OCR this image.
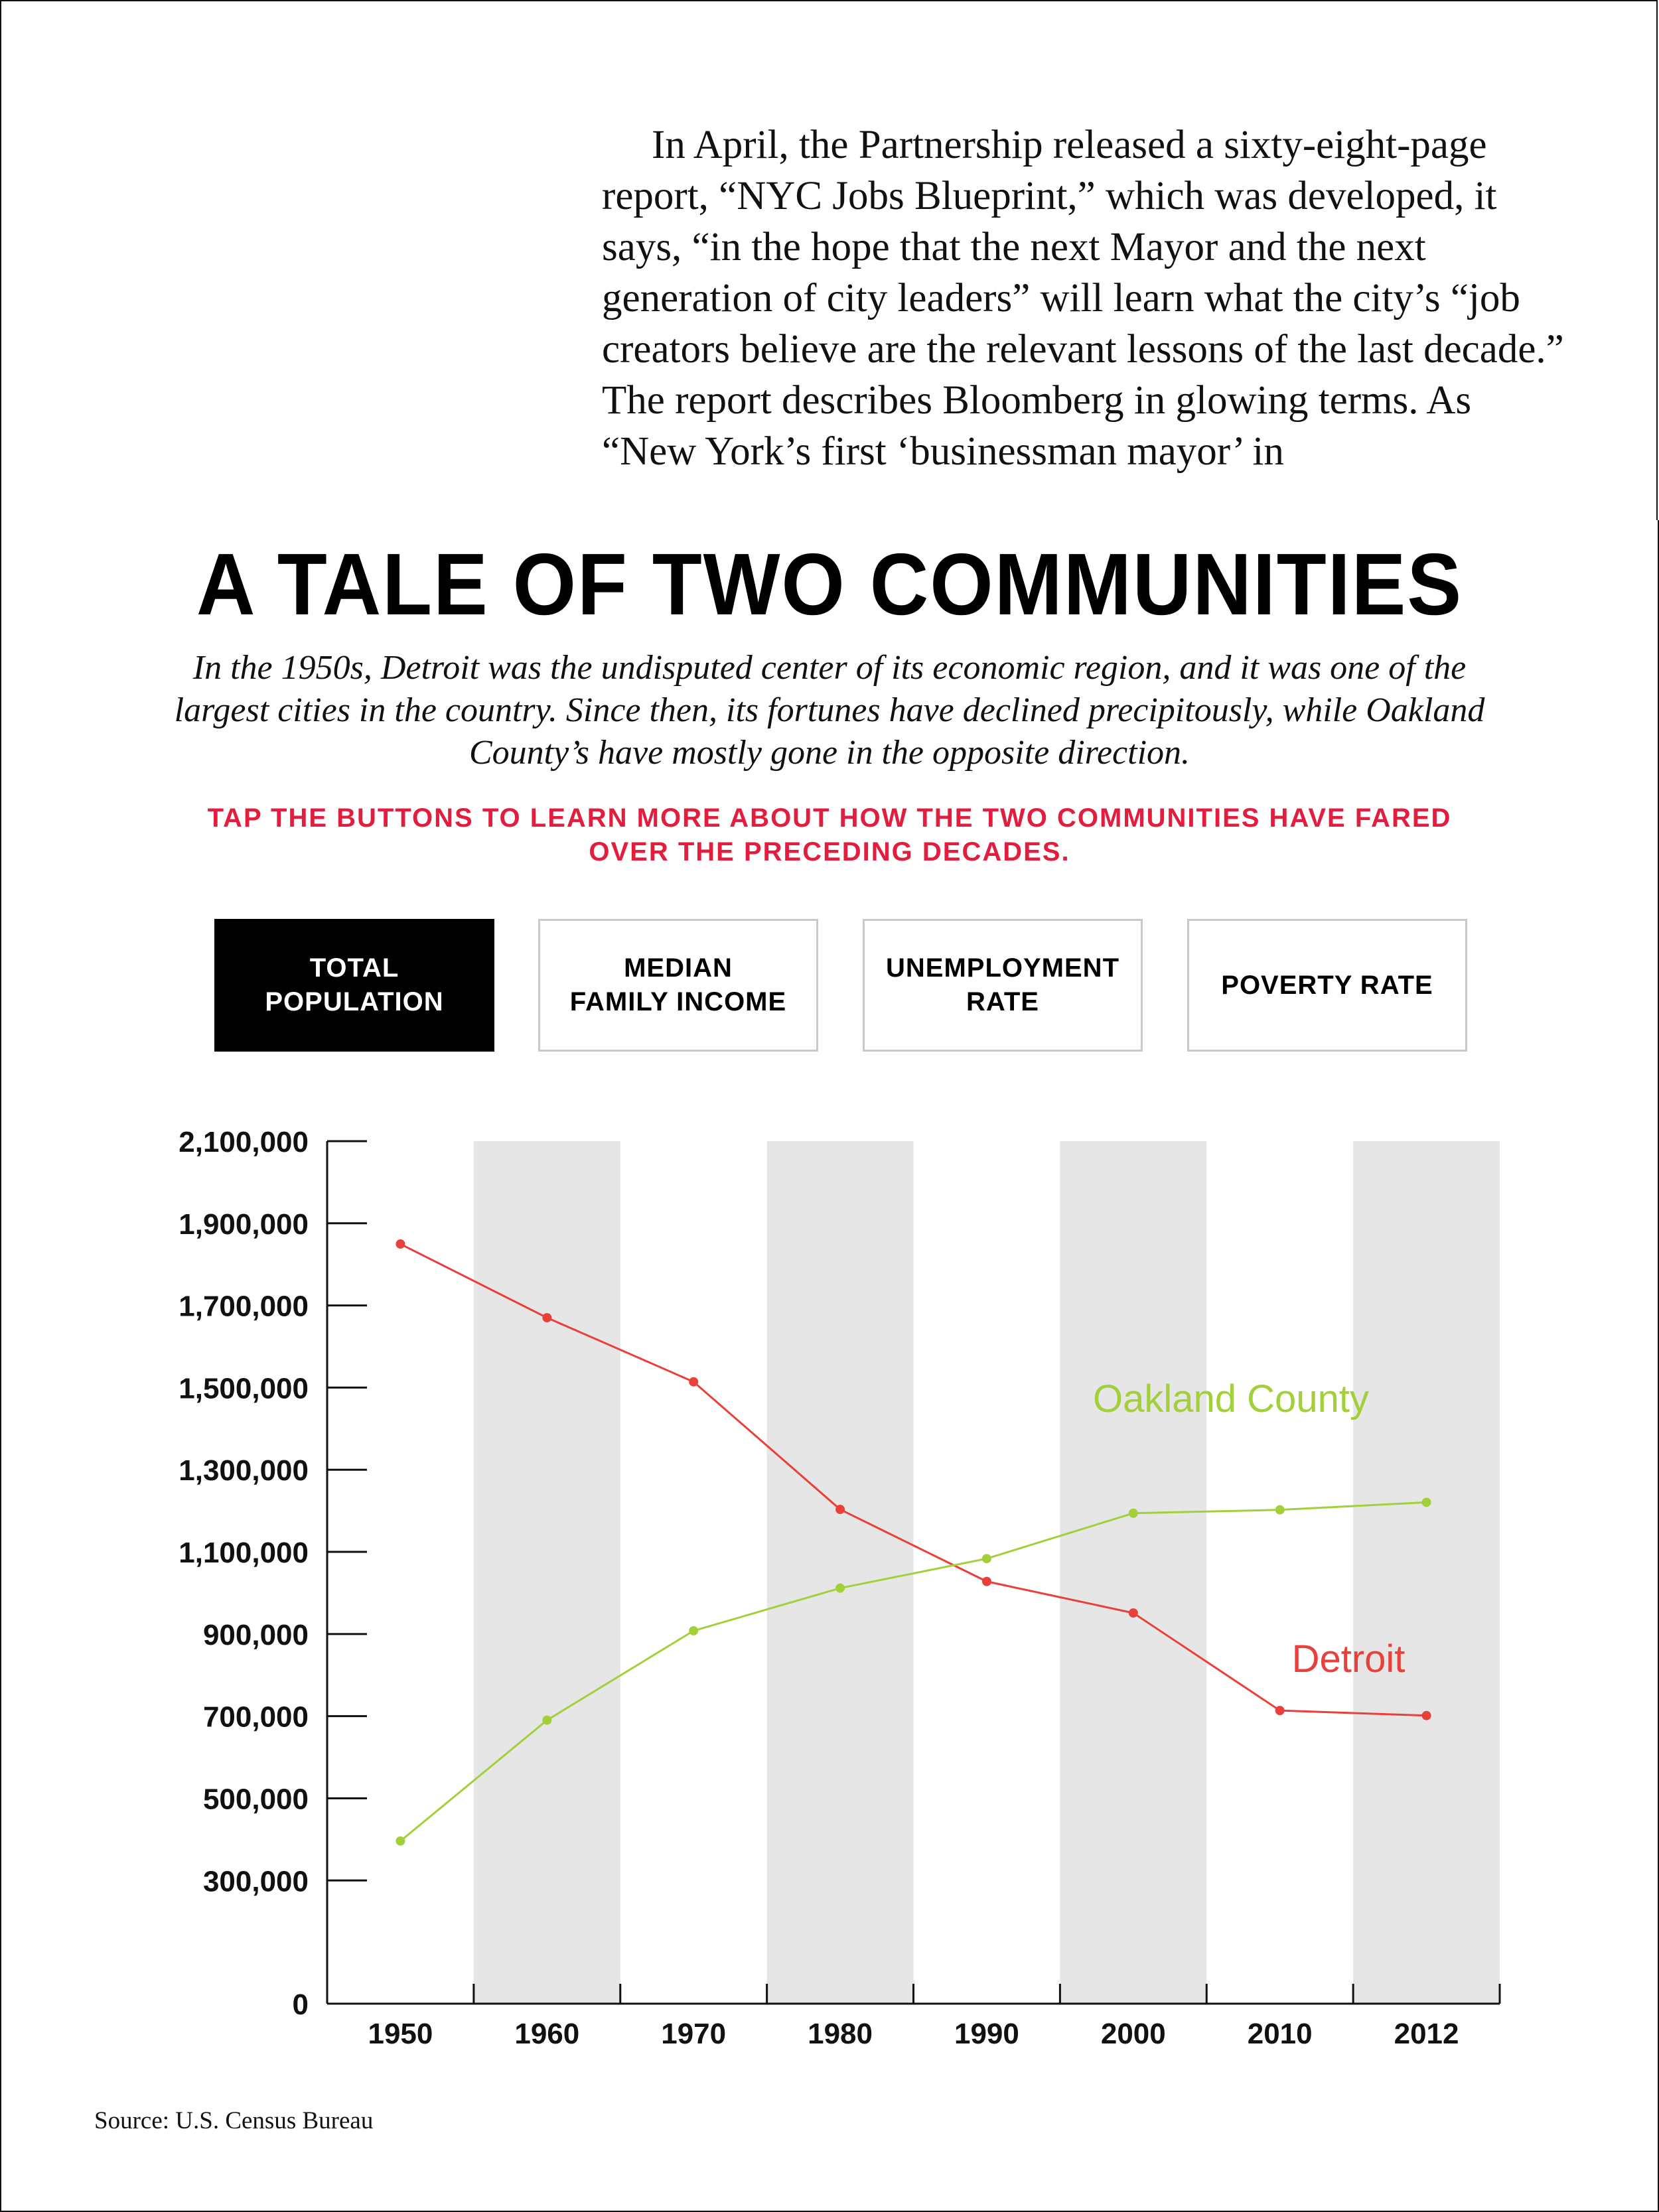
In April, the Partnership released a sixty-eight-page report, “NYC Jobs Blueprint,” which was developed, it says, “in the hope that the next Mayor and the next generation of city leaders” will learn what the city’s “job creators believe are the relevant lessons of the last decade.” The report describes Bloomberg in glowing terms. As “New York’s first ‘businessman mayor’ in

A TALE OF TWO COMMUNITIES

In the 1950s, Detroit was the undisputed center of its economic region, and it was one of the largest cities in the country. Since then, its fortunes have declined precipitously, while Oakland County’s have mostly gone in the opposite direction.

TAP THE BUTTONS TO LEARN MORE ABOUT HOW THE TWO COMMUNITIES HAVE FARED OVER THE PRECEDING DECADES.

TOTAL
POPULATION
MEDIAN
FAMILY INCOME
UNEMPLOYMENT
RATE
POVERTY RATE
0
300,000
500,000
700,000
900,000
1,100,000
1,300,000
1,500,000
1,700,000
1,900,000
2,100,000
1950	1960	1970	1980	1990	2000	2010	2012
Oakland County
Detroit

Source: U.S. Census Bureau
